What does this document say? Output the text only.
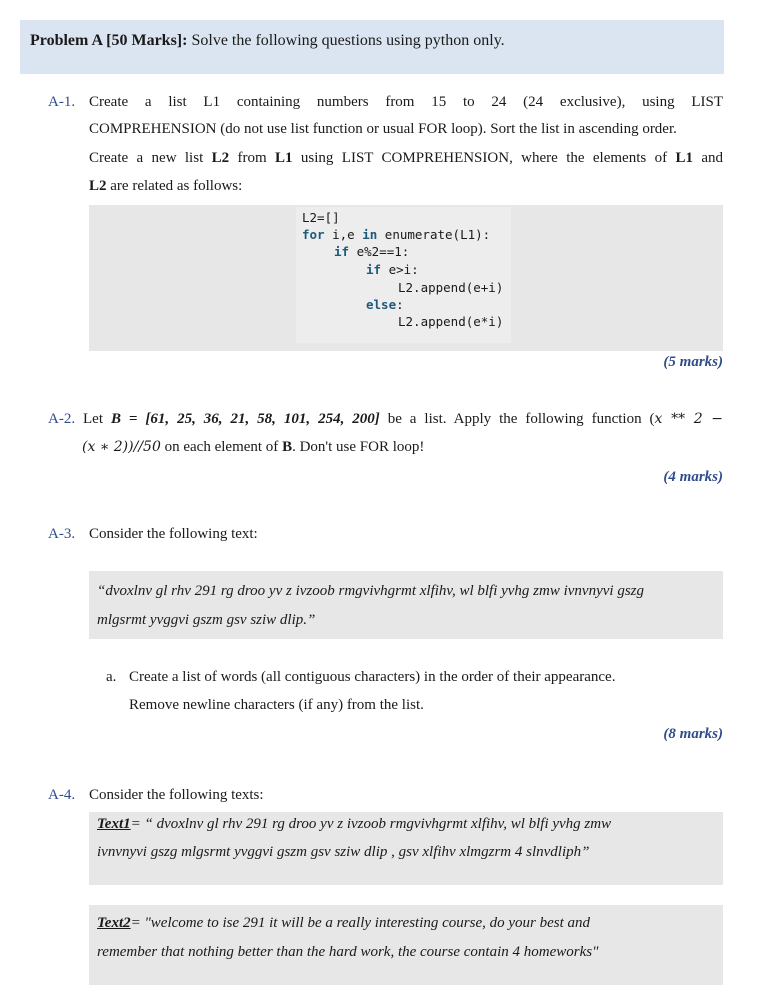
Problem A [50 Marks]: Solve the following questions using python only.
A-1. Create a list L1 containing numbers from 15 to 24 (24 exclusive), using LIST
COMPREHENSION (do not use list function or usual FOR loop). Sort the list in ascending order.
Create a new list L2 from L1 using LIST COMPREHENSION, where the elements of L1 and
L2 are related as follows:
L2=[]
for i,e in enumerate(L1):
if e%2==1:
if e>i:
L2.append(e+i)
else:
L2.append(e*i)
(5 marks)
A-2. Let B = [61, 25, 36, 21, 58, 101, 254, 200] be a list. Apply the following function (x ** 2 −
(x ∗ 2))//50 on each element of B. Don't use FOR loop!
(4 marks)
A-3. Consider the following text:
“dvoxlnv gl rhv 291 rg droo yv z ivzoob rmgvivhgrmt xlfihv, wl blfi yvhg zmw ivnvnyvi gszg
mlgsrmt yvggvi gszm gsv sziw dlip.”
a. Create a list of words (all contiguous characters) in the order of their appearance.
Remove newline characters (if any) from the list.
(8 marks)
A-4. Consider the following texts:
Text1= “ dvoxlnv gl rhv 291 rg droo yv z ivzoob rmgvivhgrmt xlfihv, wl blfi yvhg zmw
ivnvnyvi gszg mlgsrmt yvggvi gszm gsv sziw dlip , gsv xlfihv xlmgzrm 4 slnvdliph”
Text2= "welcome to ise 291 it will be a really interesting course, do your best and
remember that nothing better than the hard work, the course contain 4 homeworks"
